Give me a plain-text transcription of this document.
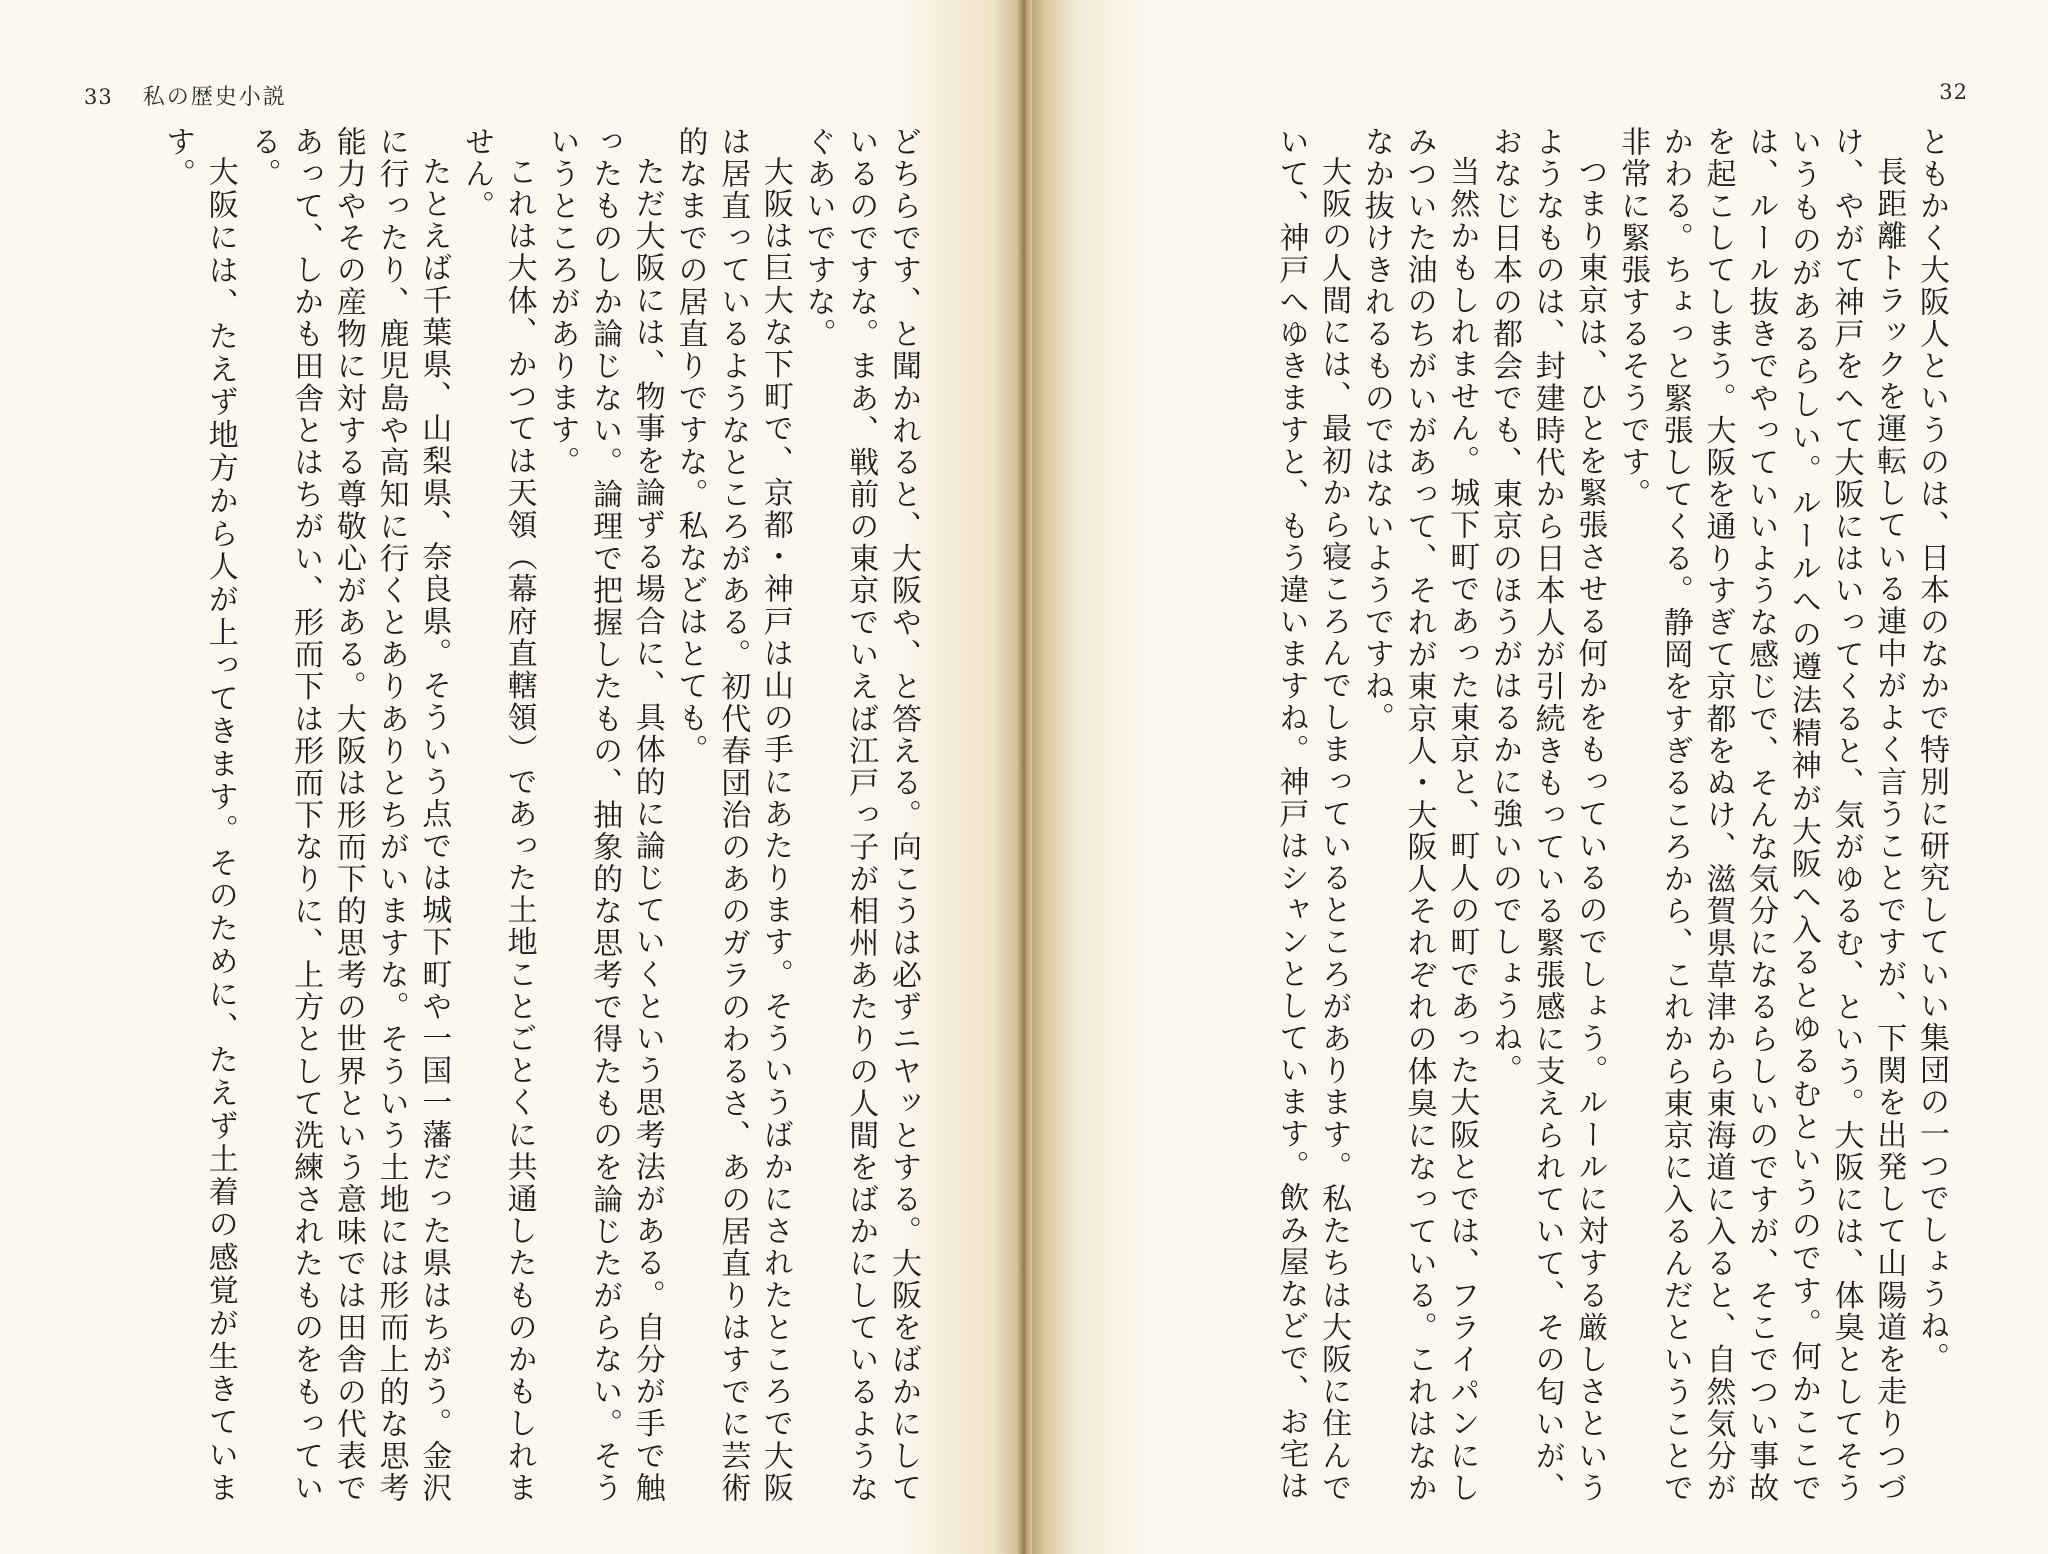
33 私の歴史小説

どちらです、と聞かれると、大阪や、と答える。向こうは必ずニヤッとする。大阪をばかにしているのですな。まあ、戦前の東京でいえば江戸っ子が相州あたりの人間をばかにしているようなぐあいですな。

大阪は巨大な下町で、京都・神戸は山の手にあたります。そういうばかにされたところで大阪は居直っているようなところがある。初代春団治のあのガラのわるさ、あの居直りはすでに芸術的なまでの居直りですな。私などはとても。

ただ大阪には、物事を論ずる場合に、具体的に論じていくという思考法がある。自分が手で触ったものしか論じない。論理で把握したもの、抽象的な思考で得たものを論じたがらない。そういうところがあります。

これは大体、かつては天領（幕府直轄領）であった土地ことごとくに共通したものかもしれません。

たとえば千葉県、山梨県、奈良県。そういう点では城下町や一国一藩だった県はちがう。金沢に行ったり、鹿児島や高知に行くとありありとちがいますな。そういう土地には形而上的な思考能力やその産物に対する尊敬心がある。大阪は形而下的思考の世界という意味では田舎の代表であって、しかも田舎とはちがい、形而下は形而下なりに、上方として洗練されたものをもっている。

大阪には、たえず地方から人が上ってきます。そのために、たえず土着の感覚が生きています。

32

ともかく大阪人というのは、日本のなかで特別に研究していい集団の一つでしょうね。

長距離トラックを運転している連中がよく言うことですが、下関を出発して山陽道を走りつづけ、やがて神戸をへて大阪にはいってくると、気がゆるむ、という。大阪には、体臭としてそういうものがあるらしい。ルールへの遵法精神が大阪へ入るとゆるむというのです。何かここでは、ルール抜きでやっていいような感じで、そんな気分になるらしいのですが、そこでつい事故を起こしてしまう。大阪を通りすぎて京都をぬけ、滋賀県草津から東海道に入ると、自然気分がかわる。ちょっと緊張してくる。静岡をすぎるころから、これから東京に入るんだということで非常に緊張するそうです。

つまり東京は、ひとを緊張させる何かをもっているのでしょう。ルールに対する厳しさというようなものは、封建時代から日本人が引続きもっている緊張感に支えられていて、その匂いが、おなじ日本の都会でも、東京のほうがはるかに強いのでしょうね。

当然かもしれません。城下町であった東京と、町人の町であった大阪とでは、フライパンにしみついた油のちがいがあって、それが東京人・大阪人それぞれの体臭になっている。これはなかなか抜けきれるものではないようですね。

大阪の人間には、最初から寝ころんでしまっているところがあります。私たちは大阪に住んでいて、神戸へゆきますと、もう違いますね。神戸はシャンとしています。飲み屋などで、お宅は
